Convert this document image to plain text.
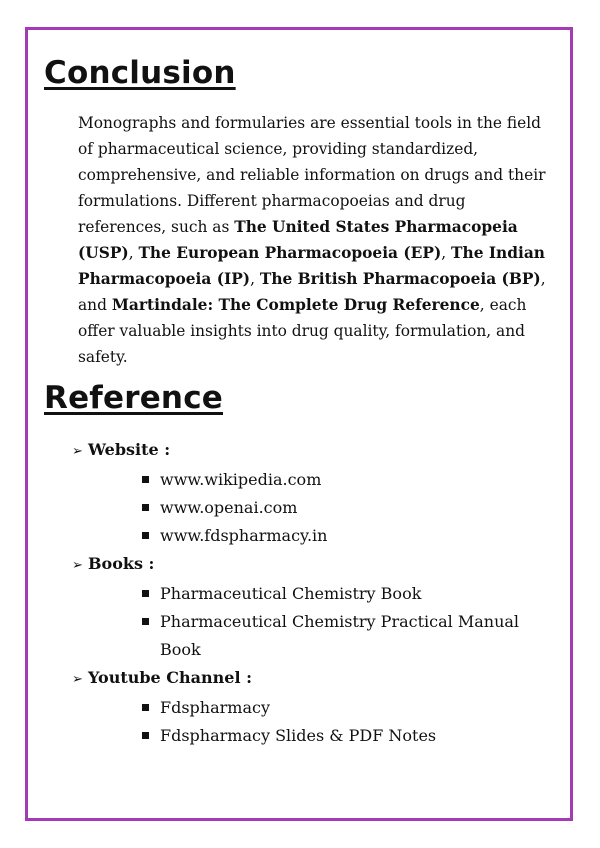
Conclusion

Monographs and formularies are essential tools in the field of pharmaceutical science, providing standardized, comprehensive, and reliable information on drugs and their formulations. Different pharmacopoeias and drug references, such as The United States Pharmacopeia (USP), The European Pharmacopoeia (EP), The Indian Pharmacopoeia (IP), The British Pharmacopoeia (BP), and Martindale: The Complete Drug Reference, each offer valuable insights into drug quality, formulation, and safety.

Reference
➢ Website :
www.wikipedia.com
www.openai.com
www.fdspharmacy.in
➢ Books :
Pharmaceutical Chemistry Book
Pharmaceutical Chemistry Practical Manual Book
➢ Youtube Channel :
Fdspharmacy
Fdspharmacy Slides & PDF Notes
